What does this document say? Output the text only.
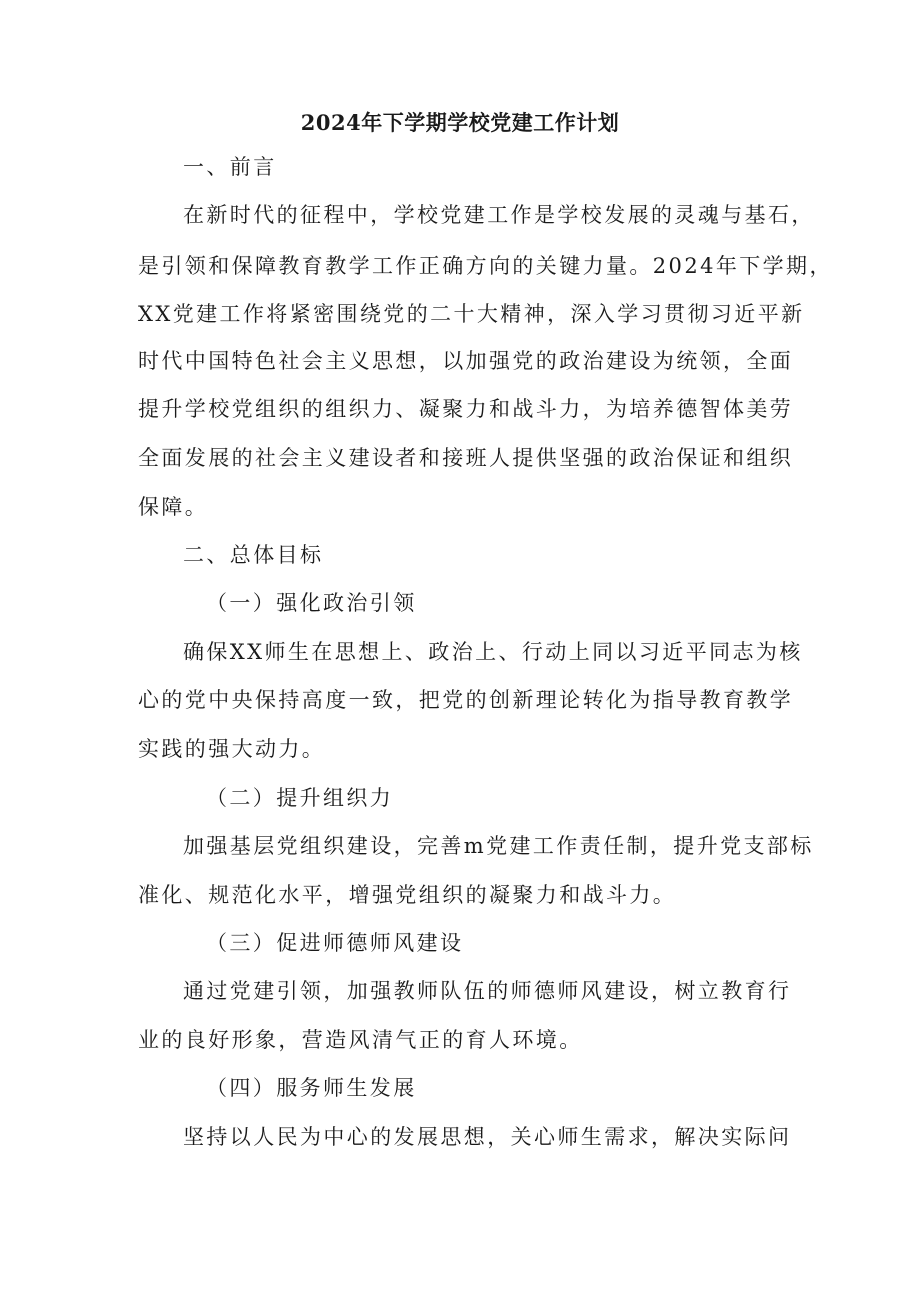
2024年下学期学校党建工作计划
一、前言
在新时代的征程中，学校党建工作是学校发展的灵魂与基石，
是引领和保障教育教学工作正确方向的关键力量。2024年下学期，
XX党建工作将紧密围绕党的二十大精神，深入学习贯彻习近平新
时代中国特色社会主义思想，以加强党的政治建设为统领，全面
提升学校党组织的组织力、凝聚力和战斗力，为培养德智体美劳
全面发展的社会主义建设者和接班人提供坚强的政治保证和组织
保障。
二、总体目标
（一）强化政治引领
确保XX师生在思想上、政治上、行动上同以习近平同志为核
心的党中央保持高度一致，把党的创新理论转化为指导教育教学
实践的强大动力。
（二）提升组织力
加强基层党组织建设，完善m党建工作责任制，提升党支部标
准化、规范化水平，增强党组织的凝聚力和战斗力。
（三）促进师德师风建设
通过党建引领，加强教师队伍的师德师风建设，树立教育行
业的良好形象，营造风清气正的育人环境。
（四）服务师生发展
坚持以人民为中心的发展思想，关心师生需求，解决实际问
